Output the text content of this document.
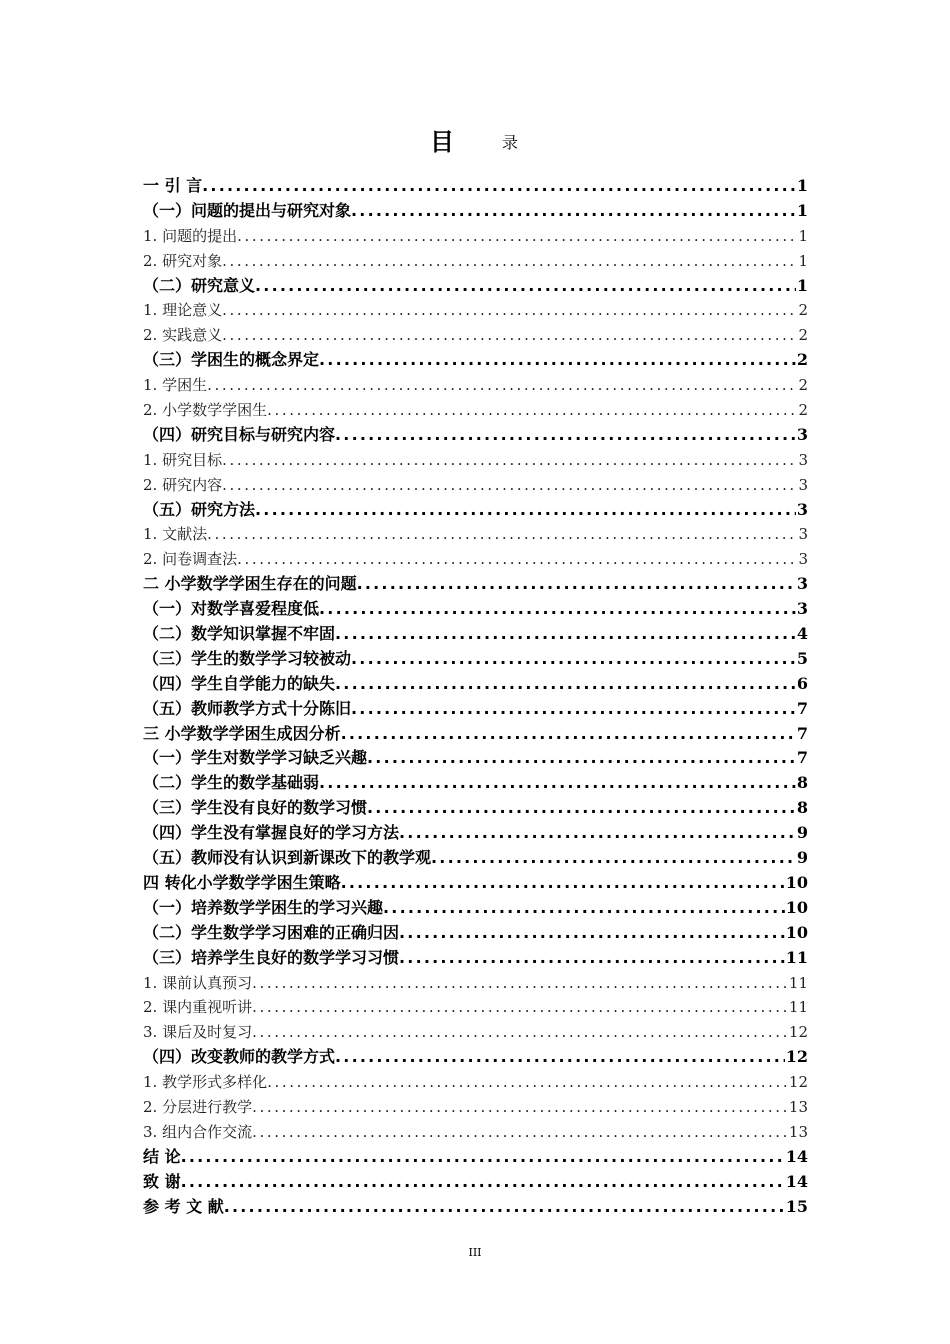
目	录
一 引 言 .....	1
（一）问题的提出与研究对象 .....	1
1. 问题的提出 .....	1
2. 研究对象 .....	1
（二）研究意义 .....	1
1. 理论意义 .....	2
2. 实践意义 .....	2
（三）学困生的概念界定 .....	2
1. 学困生 .....	2
2. 小学数学学困生 .....	2
（四）研究目标与研究内容 .....	3
1. 研究目标 .....	3
2. 研究内容 .....	3
（五）研究方法 .....	3
1. 文献法 .....	3
2. 问卷调查法 .....	3
二 小学数学学困生存在的问题 .....	3
（一）对数学喜爱程度低 .....	3
（二）数学知识掌握不牢固 .....	4
（三）学生的数学学习较被动 .....	5
（四）学生自学能力的缺失 .....	6
（五）教师教学方式十分陈旧 .....	7
三 小学数学学困生成因分析 .....	7
（一）学生对数学学习缺乏兴趣 .....	7
（二）学生的数学基础弱 .....	8
（三）学生没有良好的数学习惯 .....	8
（四）学生没有掌握良好的学习方法 .....	9
（五）教师没有认识到新课改下的教学观 .....	9
四 转化小学数学学困生策略 .....	10
（一）培养数学学困生的学习兴趣 .....	10
（二）学生数学学习困难的正确归因 .....	10
（三）培养学生良好的数学学习习惯 .....	11
1. 课前认真预习 .....	11
2. 课内重视听讲 .....	11
3. 课后及时复习 .....	12
（四）改变教师的教学方式 .....	12
1. 教学形式多样化 .....	12
2. 分层进行教学 .....	13
3. 组内合作交流 .....	13
结 论 .....	14
致 谢 .....	14
参 考 文 献 .....	15
III
